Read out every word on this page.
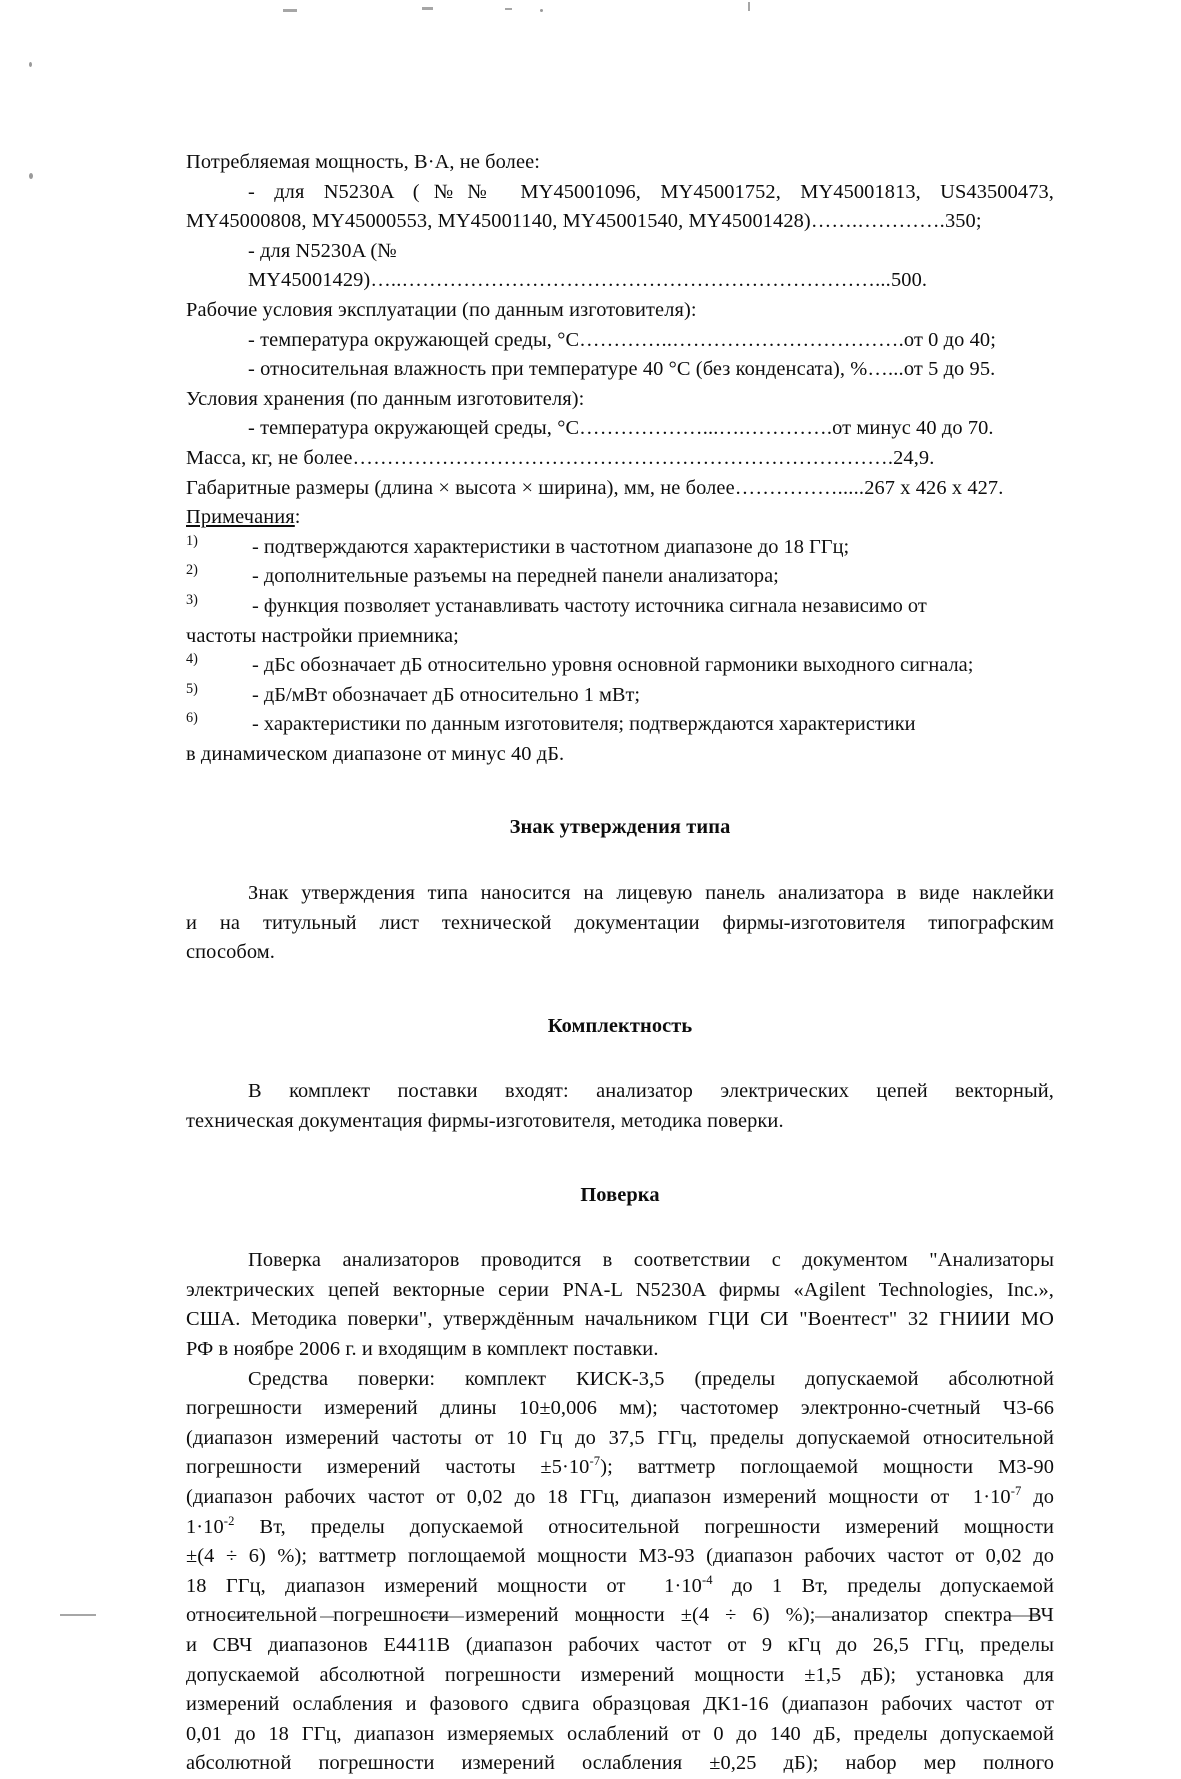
Потребляемая мощность, В·А, не более:

- для N5230A (№№ MY45001096, MY45001752, MY45001813, US43500473,

MY45000808, MY45000553, MY45001140, MY45001540, MY45001428)…….………….350;

- для N5230A (№ MY45001429)…..……………………………………………………………...500.

Рабочие условия эксплуатации (по данным изготовителя):

- температура окружающей среды, °С…………..…………………………….от 0 до 40;

- относительная влажность при температуре 40 °С (без конденсата), %…...от 5 до 95.

Условия хранения (по данным изготовителя):

- температура окружающей среды, °С………………...….………….от минус 40 до 70.

Масса, кг, не более…………………………………………………………………….24,9.

Габаритные размеры (длина × высота × ширина), мм, не более…………….....267 х 426 х 427.

Примечания:

$^{1)}$	- подтверждаются характеристики в частотном диапазоне до 18 ГГц;
$^{2)}$	- дополнительные разъемы на передней панели анализатора;
$^{3)}$	- функция позволяет устанавливать частоту источника сигнала независимо от

частоты настройки приемника;

$^{4)}$	- дБс обозначает дБ относительно уровня основной гармоники выходного сигнала;
$^{5)}$	- дБ/мВт обозначает дБ относительно 1 мВт;
$^{6)}$	- характеристики по данным изготовителя; подтверждаются характеристики

в динамическом диапазоне от минус 40 дБ.

Знак утверждения типа

Знак утверждения типа наносится на лицевую панель анализатора в виде наклейки

и на титульный лист технической документации фирмы-изготовителя типографским

способом.

Комплектность

В комплект поставки входят: анализатор электрических цепей векторный,

техническая документация фирмы-изготовителя, методика поверки.

Поверка

Поверка анализаторов проводится в соответствии с документом "Анализаторы

электрических цепей векторные серии PNA-L N5230A фирмы «Agilent Technologies, Inc.»,

США. Методика поверки", утверждённым начальником ГЦИ СИ "Воентест" 32 ГНИИИ МО

РФ в ноябре 2006 г. и входящим в комплект поставки.

Средства поверки: комплект КИСК-3,5 (пределы допускаемой абсолютной

погрешности измерений длины 10±0,006 мм); частотомер электронно-счетный Ч3-66

(диапазон измерений частоты от 10 Гц до 37,5 ГГц, пределы допускаемой относительной

погрешности измерений частоты $\pm 5\cdot 10^{-7}$); ваттметр поглощаемой мощности М3-90

(диапазон рабочих частот от 0,02 до 18 ГГц, диапазон измерений мощности от $1\cdot 10^{-7}$ до

$1\cdot 10^{-2}$ Вт, пределы допускаемой относительной погрешности измерений мощности

±(4 ÷ 6) %); ваттметр поглощаемой мощности М3-93 (диапазон рабочих частот от 0,02 до

18 ГГц, диапазон измерений мощности от $1\cdot 10^{-4}$ до 1 Вт, пределы допускаемой

относительной погрешности измерений мощности ±(4 ÷ 6) %); анализатор спектра ВЧ

и СВЧ диапазонов Е4411В (диапазон рабочих частот от 9 кГц до 26,5 ГГц, пределы

допускаемой абсолютной погрешности измерений мощности ±1,5 дБ); установка для

измерений ослабления и фазового сдвига образцовая ДК1-16 (диапазон рабочих частот от

0,01 до 18 ГГц, диапазон измеряемых ослаблений от 0 до 140 дБ, пределы допускаемой

абсолютной погрешности измерений ослабления ±0,25 дБ); набор мер полного
